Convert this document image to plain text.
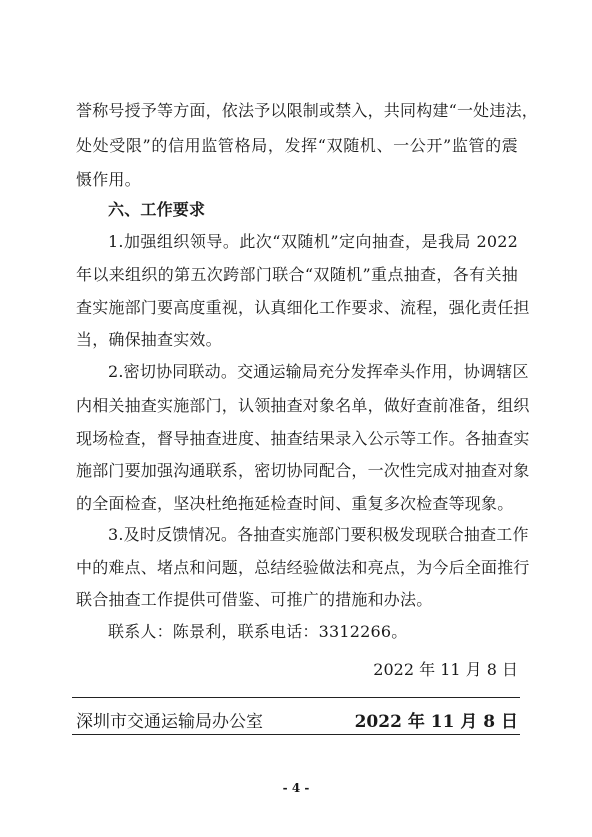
誉称号授予等方面，依法予以限制或禁入，共同构建“一处违法，
处处受限”的信用监管格局，发挥“双随机、一公开”监管的震
慑作用。
六、工作要求
1.加强组织领导。此次“双随机”定向抽查，是我局 2022
年以来组织的第五次跨部门联合“双随机”重点抽查，各有关抽
查实施部门要高度重视，认真细化工作要求、流程，强化责任担
当，确保抽查实效。
2.密切协同联动。交通运输局充分发挥牵头作用，协调辖区
内相关抽查实施部门，认领抽查对象名单，做好查前准备，组织
现场检查，督导抽查进度、抽查结果录入公示等工作。各抽查实
施部门要加强沟通联系，密切协同配合，一次性完成对抽查对象
的全面检查，坚决杜绝拖延检查时间、重复多次检查等现象。
3.及时反馈情况。各抽查实施部门要积极发现联合抽查工作
中的难点、堵点和问题，总结经验做法和亮点，为今后全面推行
联合抽查工作提供可借鉴、可推广的措施和办法。
联系人：陈景利，联系电话：3312266。
2022 年 11 月 8 日
深圳市交通运输局办公室	2022 年 11 月 8 日
- 4 -
